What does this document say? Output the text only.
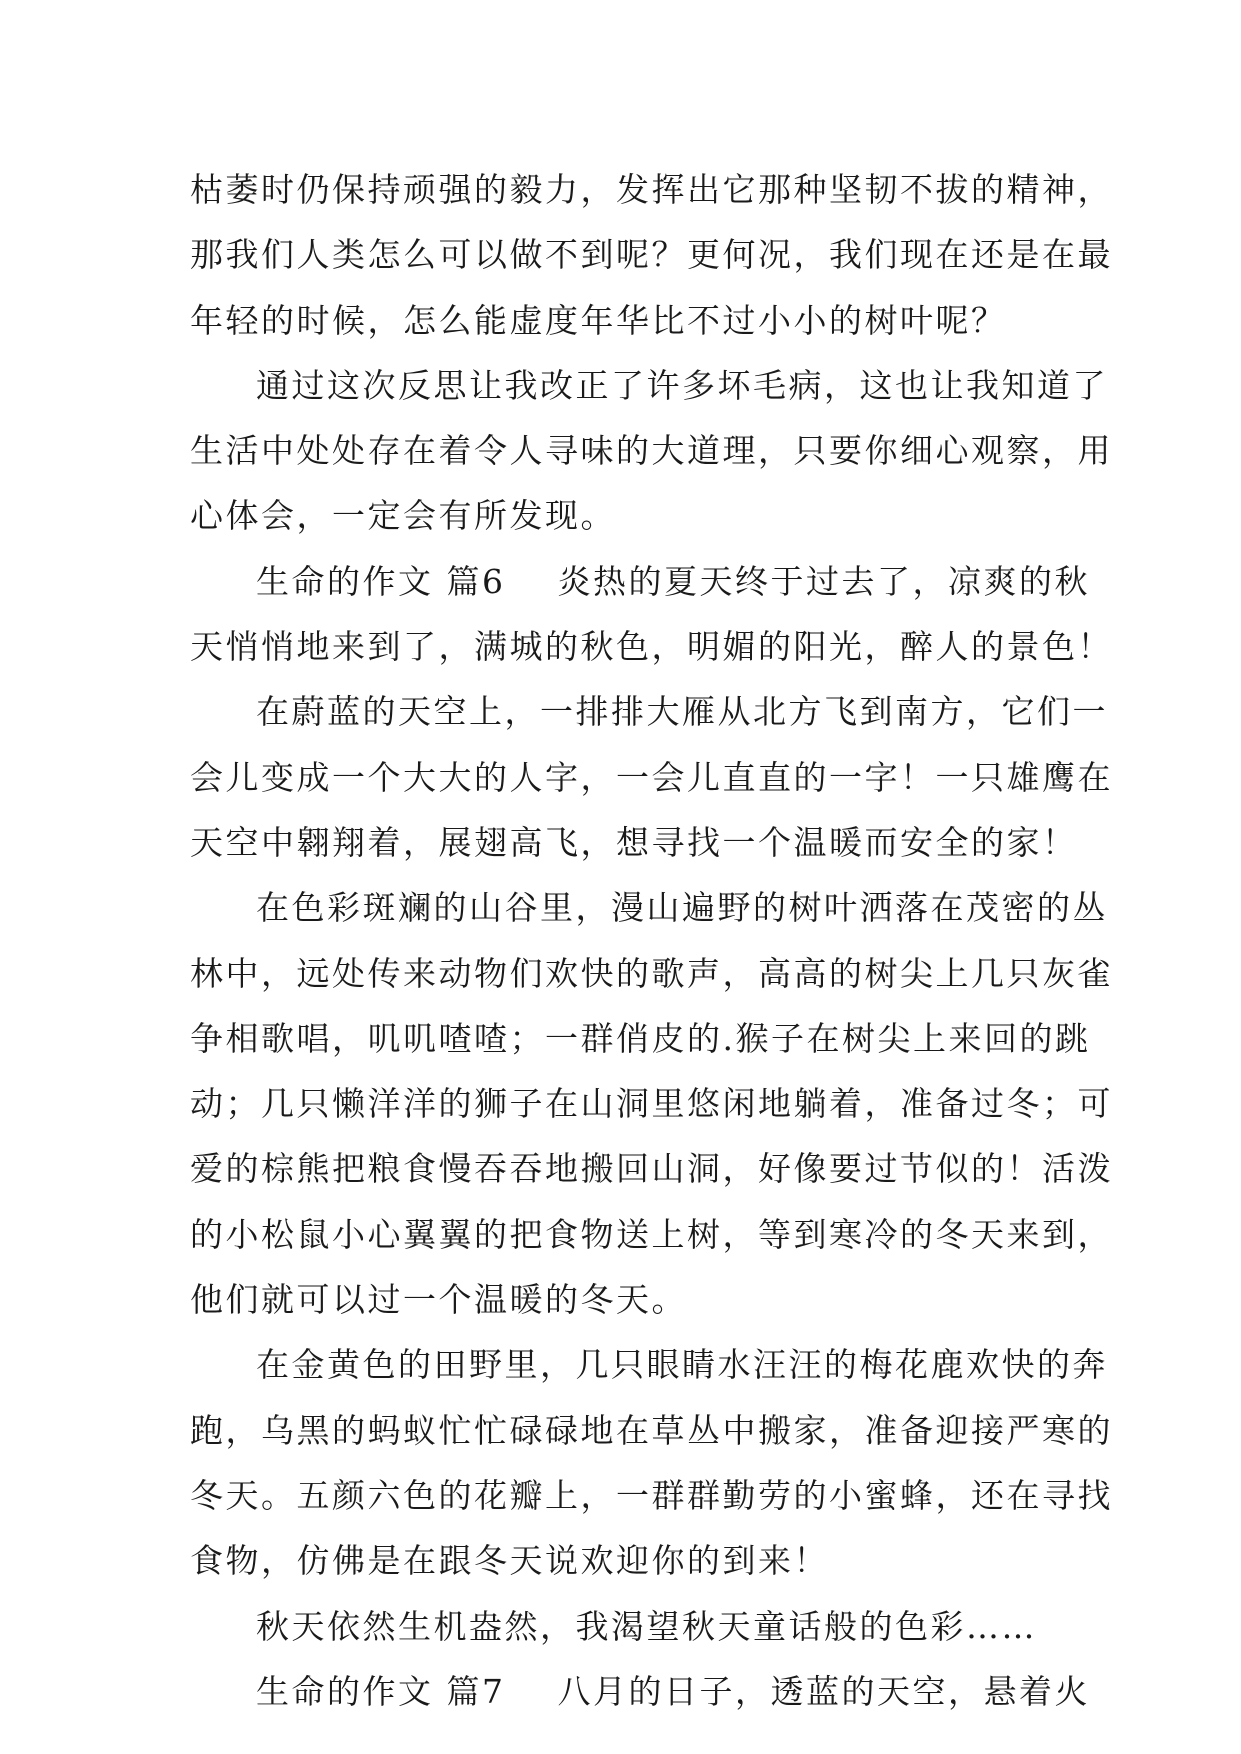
枯萎时仍保持顽强的毅力，发挥出它那种坚韧不拔的精神，
那我们人类怎么可以做不到呢？更何况，我们现在还是在最
年轻的时候，怎么能虚度年华比不过小小的树叶呢？
通过这次反思让我改正了许多坏毛病，这也让我知道了
生活中处处存在着令人寻味的大道理，只要你细心观察，用
心体会，一定会有所发现。
生命的作文 篇6 炎热的夏天终于过去了，凉爽的秋
天悄悄地来到了，满城的秋色，明媚的阳光，醉人的景色！
在蔚蓝的天空上，一排排大雁从北方飞到南方，它们一
会儿变成一个大大的人字，一会儿直直的一字！一只雄鹰在
天空中翱翔着，展翅高飞，想寻找一个温暖而安全的家！
在色彩斑斓的山谷里，漫山遍野的树叶洒落在茂密的丛
林中，远处传来动物们欢快的歌声，高高的树尖上几只灰雀
争相歌唱，叽叽喳喳；一群俏皮的.猴子在树尖上来回的跳
动；几只懒洋洋的狮子在山洞里悠闲地躺着，准备过冬；可
爱的棕熊把粮食慢吞吞地搬回山洞，好像要过节似的！活泼
的小松鼠小心翼翼的把食物送上树，等到寒冷的冬天来到，
他们就可以过一个温暖的冬天。
在金黄色的田野里，几只眼睛水汪汪的梅花鹿欢快的奔
跑，乌黑的蚂蚁忙忙碌碌地在草丛中搬家，准备迎接严寒的
冬天。五颜六色的花瓣上，一群群勤劳的小蜜蜂，还在寻找
食物，仿佛是在跟冬天说欢迎你的到来！
秋天依然生机盎然，我渴望秋天童话般的色彩……
生命的作文 篇7 八月的日子，透蓝的天空，悬着火
